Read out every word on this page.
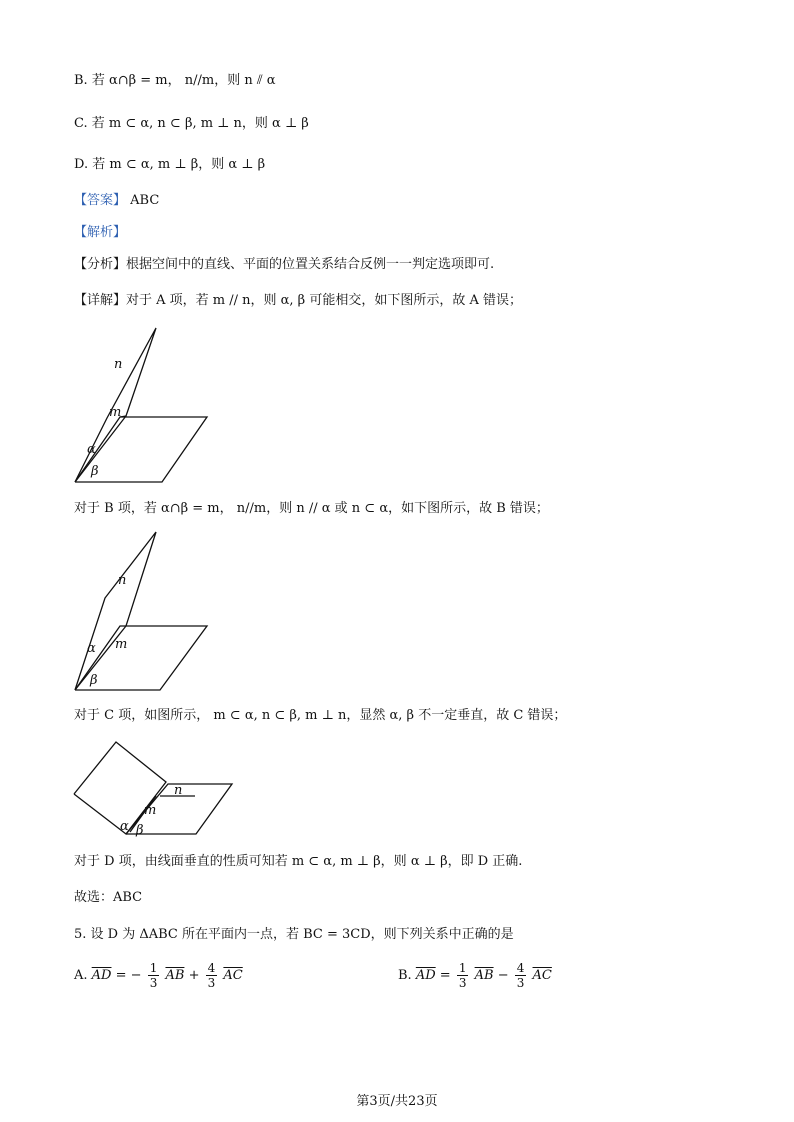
B. 若 α∩β = m， n//m，则 n ⫽ α
C. 若 m ⊂ α, n ⊂ β, m ⊥ n，则 α ⊥ β
D. 若 m ⊂ α, m ⊥ β，则 α ⊥ β
【答案】 ABC
【解析】
【分析】根据空间中的直线、平面的位置关系结合反例一一判定选项即可.
【详解】对于 A 项，若 m // n，则 α, β 可能相交，如下图所示，故 A 错误；
n
m
α
β
对于 B 项，若 α∩β = m， n//m，则 n // α 或 n ⊂ α，如下图所示，故 B 错误；
n
m
α
β
对于 C 项，如图所示， m ⊂ α, n ⊂ β, m ⊥ n，显然 α, β 不一定垂直，故 C 错误；
n
m
α β
对于 D 项，由线面垂直的性质可知若 m ⊂ α, m ⊥ β，则 α ⊥ β，即 D 正确.
故选：ABC
5. 设 D 为 ΔABC 所在平面内一点，若 BC = 3CD，则下列关系中正确的是
A. $\overline{AD}$ = − $\frac{1}{3} \overline{AB} + \frac{4}{3} \overline{AC}$	B. $\overline{AD} = \frac{1}{3} \overline{AB} - \frac{4}{3} \overline{AC}$
第3页/共23页
